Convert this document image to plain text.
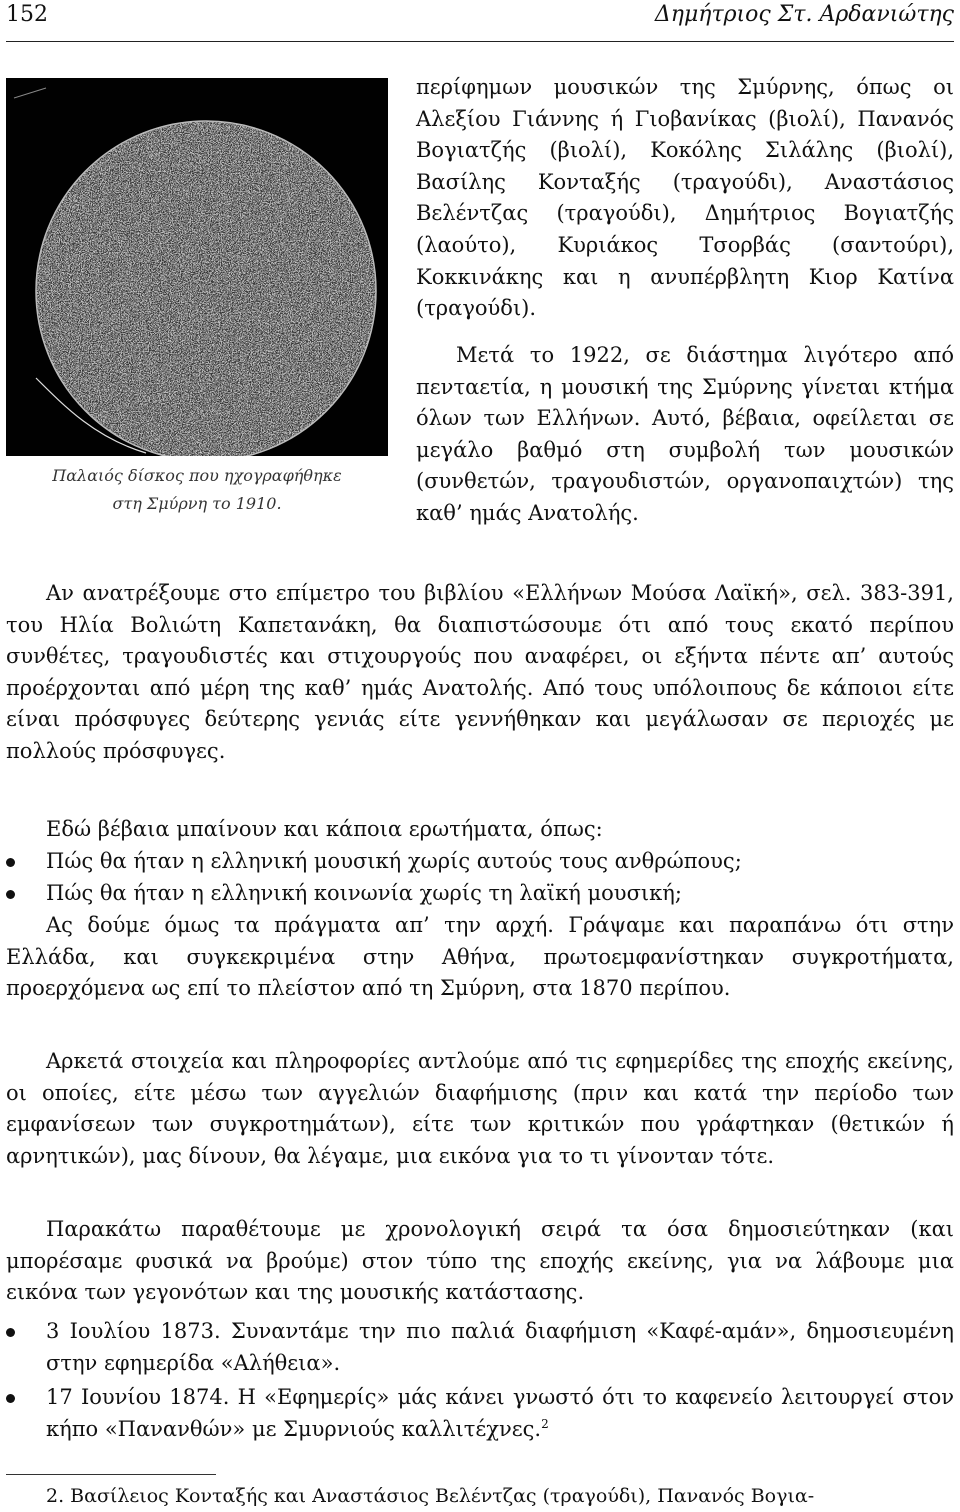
152	Δημήτριος Στ. Αρδανιώτης
Παλαιός δίσκος που ηχογραφήθηκε
στη Σμύρνη το 1910.

περίφημων μουσικών της Σμύρνης, όπως οι Αλεξίου Γιάννης ή Γιοβανίκας (βιολί), Πανανός Βογιατζής (βιολί), Κοκόλης Σιλάλης (βιολί), Βασίλης Κονταξής (τραγούδι), Αναστάσιος Βελέντζας (τραγούδι), Δημήτριος Βογιατζής (λαούτο), Κυριάκος Τσορβάς (σαντούρι), Κοκκινάκης και η ανυπέρβλητη Κιορ Κατίνα (τραγούδι).

Μετά το 1922, σε διάστημα λιγότερο από πενταετία, η μουσική της Σμύρνης γίνεται κτήμα όλων των Ελλήνων. Αυτό, βέβαια, οφείλεται σε μεγάλο βαθμό στη συμβολή των μουσικών (συνθετών, τραγουδιστών, οργανοπαιχτών) της καθ’ ημάς Ανατολής.

Αν ανατρέξουμε στο επίμετρο του βιβλίου «Ελλήνων Μούσα Λαϊκή», σελ. 383-391, του Ηλία Βολιώτη Καπετανάκη, θα διαπιστώσουμε ότι από τους εκατό περίπου συνθέτες, τραγουδιστές και στιχουργούς που αναφέρει, οι εξήντα πέντε απ’ αυτούς προέρχονται από μέρη της καθ’ ημάς Ανατολής. Από τους υπόλοιπους δε κάποιοι είτε είναι πρόσφυγες δεύτερης γενιάς είτε γεννήθηκαν και μεγάλωσαν σε περιοχές με πολλούς πρόσφυγες.

Εδώ βέβαια μπαίνουν και κάποια ερωτήματα, όπως:

Πώς θα ήταν η ελληνική μουσική χωρίς αυτούς τους ανθρώπους;
Πώς θα ήταν η ελληνική κοινωνία χωρίς τη λαϊκή μουσική;

Ας δούμε όμως τα πράγματα απ’ την αρχή. Γράψαμε και παραπάνω ότι στην Ελλάδα, και συγκεκριμένα στην Αθήνα, πρωτοεμφανίστηκαν συγκροτήματα, προερχόμενα ως επί το πλείστον από τη Σμύρνη, στα 1870 περίπου.

Αρκετά στοιχεία και πληροφορίες αντλούμε από τις εφημερίδες της εποχής εκείνης, οι οποίες, είτε μέσω των αγγελιών διαφήμισης (πριν και κατά την περίοδο των εμφανίσεων των συγκροτημάτων), είτε των κριτικών που γράφτηκαν (θετικών ή αρνητικών), μας δίνουν, θα λέγαμε, μια εικόνα για το τι γίνονταν τότε.

Παρακάτω παραθέτουμε με χρονολογική σειρά τα όσα δημοσιεύτηκαν (και μπορέσαμε φυσικά να βρούμε) στον τύπο της εποχής εκείνης, για να λάβουμε μια εικόνα των γεγονότων και της μουσικής κατάστασης.

3 Ιουλίου 1873. Συναντάμε την πιο παλιά διαφήμιση «Καφέ-αμάν», δημοσιευμένη στην εφημερίδα «Αλήθεια».
17 Ιουνίου 1874. Η «Εφημερίς» μάς κάνει γνωστό ότι το καφενείο λειτουργεί στον κήπο «Πανανθών» με Σμυρνιούς καλλιτέχνες.$^2$
2. Βασίλειος Κονταξής και Αναστάσιος Βελέντζας (τραγούδι), Πανανός Βογια-
